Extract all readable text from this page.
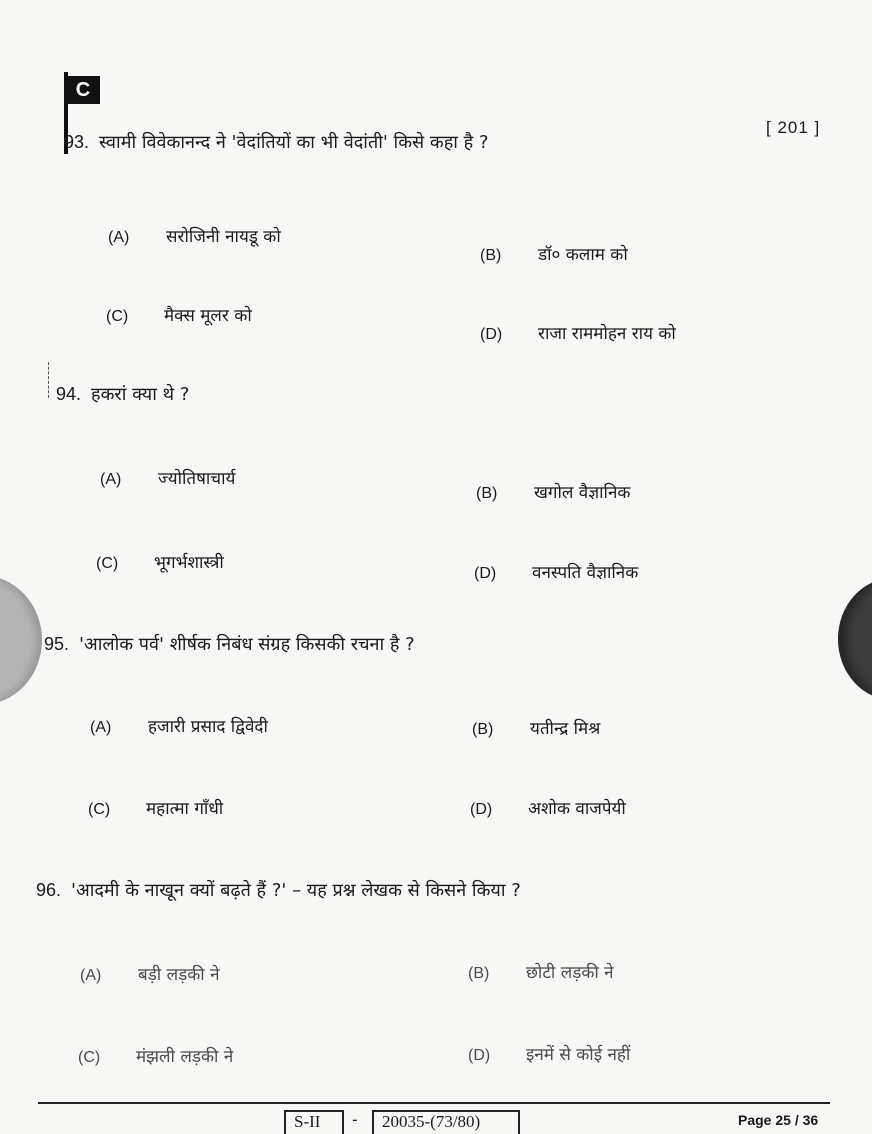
C
[ 201 ]
93. स्वामी विवेकानन्द ने 'वेदांतियों का भी वेदांती' किसे कहा है ?
(A) सरोजिनी नायडू को
(B) डॉ० कलाम को
(C) मैक्स मूलर को
(D) राजा राममोहन राय को
94. हकरां क्या थे ?
(A) ज्योतिषाचार्य
(B) खगोल वैज्ञानिक
(C) भूगर्भशास्त्री
(D) वनस्पति वैज्ञानिक
95. 'आलोक पर्व' शीर्षक निबंध संग्रह किसकी रचना है ?
(A) हजारी प्रसाद द्विवेदी	(B) यतीन्द्र मिश्र
(C) महात्मा गाँधी	(D) अशोक वाजपेयी
96. 'आदमी के नाखून क्यों बढ़ते हैं ?' – यह प्रश्न लेखक से किसने किया ?
(A) बड़ी लड़की ने	(B) छोटी लड़की ने
(C) मंझली लड़की ने	(D) इनमें से कोई नहीं
S-II	-	20035-(73/80)	Page 25 / 36
